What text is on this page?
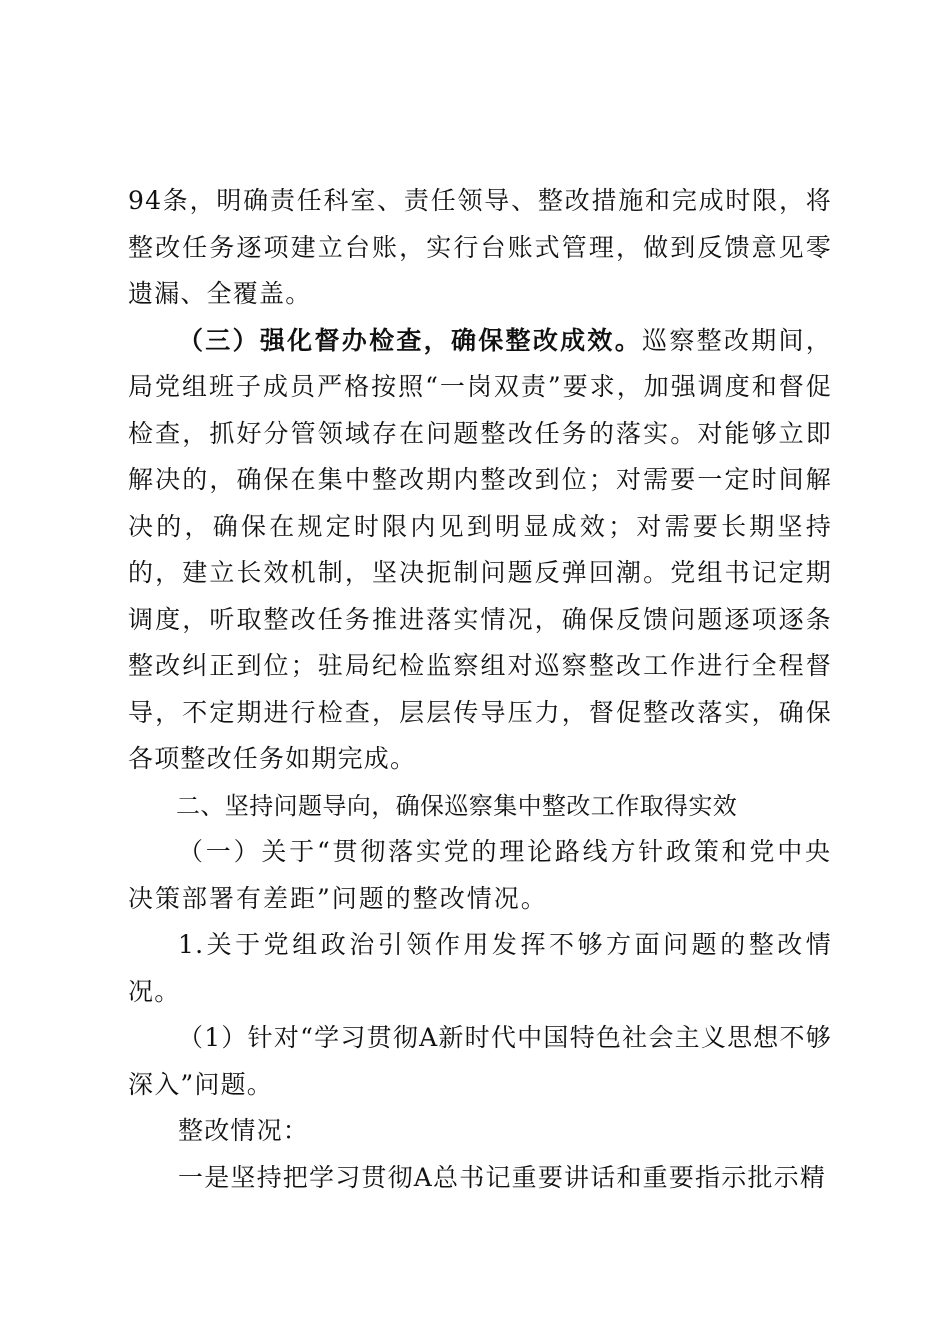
94条，明确责任科室、责任领导、整改措施和完成时限，将整改任务逐项建立台账，实行台账式管理，做到反馈意见零遗漏、全覆盖。

（三）强化督办检查，确保整改成效。巡察整改期间，局党组班子成员严格按照“一岗双责”要求，加强调度和督促检查，抓好分管领域存在问题整改任务的落实。对能够立即解决的，确保在集中整改期内整改到位；对需要一定时间解决的，确保在规定时限内见到明显成效；对需要长期坚持的，建立长效机制，坚决扼制问题反弹回潮。党组书记定期调度，听取整改任务推进落实情况，确保反馈问题逐项逐条整改纠正到位；驻局纪检监察组对巡察整改工作进行全程督导，不定期进行检查，层层传导压力，督促整改落实，确保各项整改任务如期完成。

二、坚持问题导向，确保巡察集中整改工作取得实效

（一）关于“贯彻落实党的理论路线方针政策和党中央决策部署有差距”问题的整改情况。

1.关于党组政治引领作用发挥不够方面问题的整改情况。

（1）针对“学习贯彻A新时代中国特色社会主义思想不够深入”问题。

整改情况：

一是坚持把学习贯彻A总书记重要讲话和重要指示批示精
